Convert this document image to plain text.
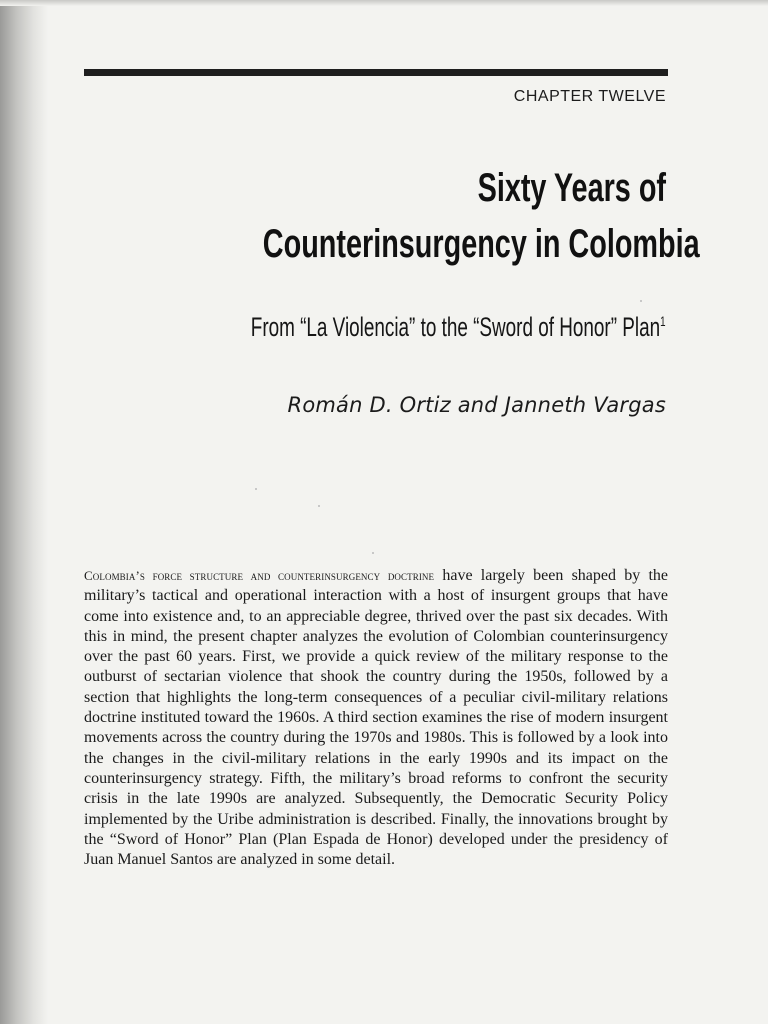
CHAPTER TWELVE
Sixty Years of
Counterinsurgency in Colombia
From “La Violencia” to the “Sword of Honor” Plan$^1$
Román D. Ortiz and Janneth Vargas
Colombia’s force structure and counterinsurgency doctrine have largely been shaped by the military’s tactical and operational interaction with a host of insurgent groups that have come into existence and, to an appreciable degree, thrived over the past six decades. With this in mind, the present chapter analyzes the evolution of Colombian counterinsurgency over the past 60 years. First, we provide a quick review of the military response to the outburst of sectarian violence that shook the country during the 1950s, followed by a section that highlights the long-term consequences of a peculiar civil-military relations doctrine instituted toward the 1960s. A third section examines the rise of modern insurgent movements across the country during the 1970s and 1980s. This is followed by a look into the changes in the civil-military relations in the early 1990s and its impact on the counterinsurgency strategy. Fifth, the military’s broad reforms to confront the security crisis in the late 1990s are analyzed. Subsequently, the Democratic Security Policy implemented by the Uribe administration is described. Finally, the innovations brought by the “Sword of Honor” Plan (Plan Espada de Honor) developed under the presidency of Juan Manuel Santos are analyzed in some detail.
